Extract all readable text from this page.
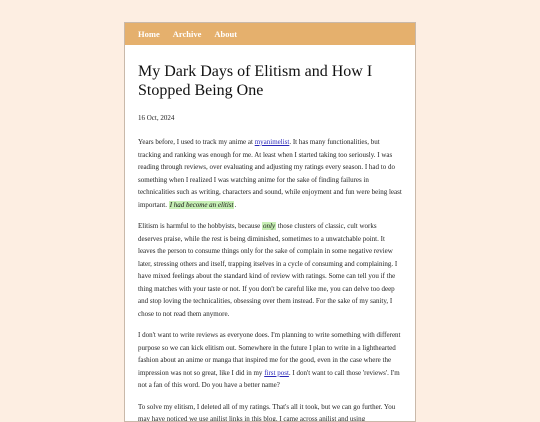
Home Archive About
My Dark Days of Elitism and How I Stopped Being One
16 Oct, 2024

Years before, I used to track my anime at myanimelist. It has many functionalities, but tracking and ranking was enough for me. At least when I started taking too seriously. I was reading through reviews, over evaluating and adjusting my ratings every season. I had to do something when I realized I was watching anime for the sake of finding failures in technicalities such as writing, characters and sound, while enjoyment and fun were being least important. I had become an elitist.

Elitism is harmful to the hobbyists, because only those clusters of classic, cult works deserves praise, while the rest is being diminished, sometimes to a unwatchable point. It leaves the person to consume things only for the sake of complain in some negative review later, stressing others and itself, trapping itselves in a cycle of consuming and complaining. I have mixed feelings about the standard kind of review with ratings. Some can tell you if the thing matches with your taste or not. If you don't be careful like me, you can delve too deep and stop loving the technicalities, obsessing over them instead. For the sake of my sanity, I chose to not read them anymore.

I don't want to write reviews as everyone does. I'm planning to write something with different purpose so we can kick elitism out. Somewhere in the future I plan to write in a lighthearted fashion about an anime or manga that inspired me for the good, even in the case where the impression was not so great, like I did in my first post. I don't want to call those 'reviews'. I'm not a fan of this word. Do you have a better name?

To solve my elitism, I deleted all of my ratings. That's all it took, but we can go further. You may have noticed we use anilist links in this blog. I came across anilist and using
